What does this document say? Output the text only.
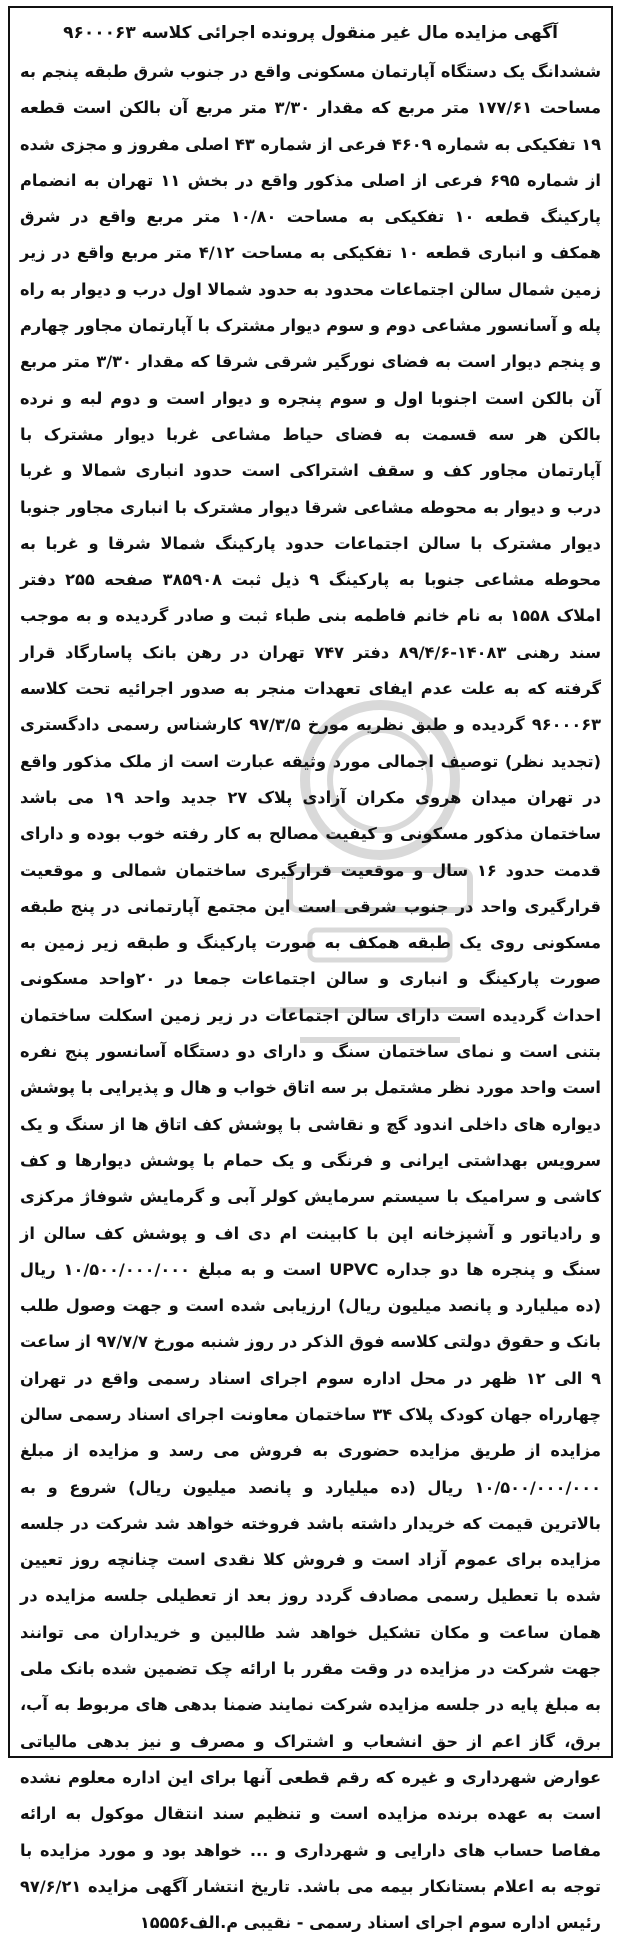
آگهی مزایده مال غیر منقول پرونده اجرائی کلاسه ۹۶۰۰۰۶۳

ششدانگ یک دستگاه آپارتمان مسکونی واقع در جنوب شرق طبقه پنجم به مساحت ۱۷۷/۶۱ متر مربع که مقدار ۳/۳۰ متر مربع آن بالکن است قطعه ۱۹ تفکیکی به شماره ۴۶۰۹ فرعی از شماره ۴۳ اصلی مفروز و مجزی شده از شماره ۶۹۵ فرعی از اصلی مذکور واقع در بخش ۱۱ تهران به انضمام پارکینگ قطعه ۱۰ تفکیکی به مساحت ۱۰/۸۰ متر مربع واقع در شرق همکف و انباری قطعه ۱۰ تفکیکی به مساحت ۴/۱۲ متر مربع واقع در زیر زمین شمال سالن اجتماعات محدود به حدود شمالا اول درب و دیوار به راه پله و آسانسور مشاعی دوم و سوم دیوار مشترک با آپارتمان مجاور چهارم و پنجم دیوار است به فضای نورگیر شرقی شرقا که مقدار ۳/۳۰ متر مربع آن بالکن است اجنوبا اول و سوم پنجره و دیوار است و دوم لبه و نرده بالکن هر سه قسمت به فضای حیاط مشاعی غربا دیوار مشترک با آپارتمان مجاور کف و سقف اشتراکی است حدود انباری شمالا و غربا درب و دیوار به محوطه مشاعی شرقا دیوار مشترک با انباری مجاور جنوبا دیوار مشترک با سالن اجتماعات حدود پارکینگ شمالا شرقا و غربا به محوطه مشاعی جنوبا به پارکینگ ۹ ذیل ثبت ۳۸۵۹۰۸ صفحه ۲۵۵ دفتر املاک ۱۵۵۸ به نام خانم فاطمه بنی طباء ثبت و صادر گردیده و به موجب سند رهنی ۱۴۰۸۳-۸۹/۴/۶ دفتر ۷۴۷ تهران در رهن بانک پاسارگاد قرار گرفته که به علت عدم ایفای تعهدات منجر به صدور اجرائیه تحت کلاسه ۹۶۰۰۰۶۳ گردیده و طبق نظریه مورخ ۹۷/۳/۵ کارشناس رسمی دادگستری (تجدید نظر) توصیف اجمالی مورد وثیقه عبارت است از ملک مذکور واقع در تهران میدان هروی مکران آزادی پلاک ۲۷ جدید واحد ۱۹ می باشد ساختمان مذکور مسکونی و کیفیت مصالح به کار رفته خوب بوده و دارای قدمت حدود ۱۶ سال و موقعیت قرارگیری ساختمان شمالی و موقعیت قرارگیری واحد در جنوب شرقی است این مجتمع آپارتمانی در پنج طبقه مسکونی روی یک طبقه همکف به صورت پارکینگ و طبقه زیر زمین به صورت پارکینگ و انباری و سالن اجتماعات جمعا در ۲۰واحد مسکونی احداث گردیده است دارای سالن اجتماعات در زیر زمین اسکلت ساختمان بتنی است و نمای ساختمان سنگ و دارای دو دستگاه آسانسور پنج نفره است واحد مورد نظر مشتمل بر سه اتاق خواب و هال و پذیرایی با پوشش دیواره های داخلی اندود گچ و نقاشی با پوشش کف اتاق ها از سنگ و یک سرویس بهداشتی ایرانی و فرنگی و یک حمام با پوشش دیوارها و کف کاشی و سرامیک با سیستم سرمایش کولر آبی و گرمایش شوفاژ مرکزی و رادیاتور و آشپزخانه اپن با کابینت ام دی اف و پوشش کف سالن از سنگ و پنجره ها دو جداره UPVC است و به مبلغ ۱۰/۵۰۰/۰۰۰/۰۰۰ ریال (ده میلیارد و پانصد میلیون ریال) ارزیابی شده است و جهت وصول طلب بانک و حقوق دولتی کلاسه فوق الذکر در روز شنبه مورخ ۹۷/۷/۷ از ساعت ۹ الی ۱۲ ظهر در محل اداره سوم اجرای اسناد رسمی واقع در تهران چهارراه جهان کودک پلاک ۳۴ ساختمان معاونت اجرای اسناد رسمی سالن مزایده از طریق مزایده حضوری به فروش می رسد و مزایده از مبلغ ۱۰/۵۰۰/۰۰۰/۰۰۰ ریال (ده میلیارد و پانصد میلیون ریال) شروع و به بالاترین قیمت که خریدار داشته باشد فروخته خواهد شد شرکت در جلسه مزایده برای عموم آزاد است و فروش کلا نقدی است چنانچه روز تعیین شده با تعطیل رسمی مصادف گردد روز بعد از تعطیلی جلسه مزایده در همان ساعت و مکان تشکیل خواهد شد طالبین و خریداران می توانند جهت شرکت در مزایده در وقت مقرر با ارائه چک تضمین شده بانک ملی به مبلغ پایه در جلسه مزایده شرکت نمایند ضمنا بدهی های مربوط به آب، برق، گاز اعم از حق انشعاب و اشتراک و مصرف و نیز بدهی مالیاتی عوارض شهرداری و غیره که رقم قطعی آنها برای این اداره معلوم نشده است به عهده برنده مزایده است و تنظیم سند انتقال موکول به ارائه مفاصا حساب های دارایی و شهرداری و ... خواهد بود و مورد مزایده با توجه به اعلام بستانکار بیمه می باشد. تاریخ انتشار آگهی مزایده ۹۷/۶/۲۱ رئیس اداره سوم اجرای اسناد رسمی - نقیبی م.الف۱۵۵۵۶
